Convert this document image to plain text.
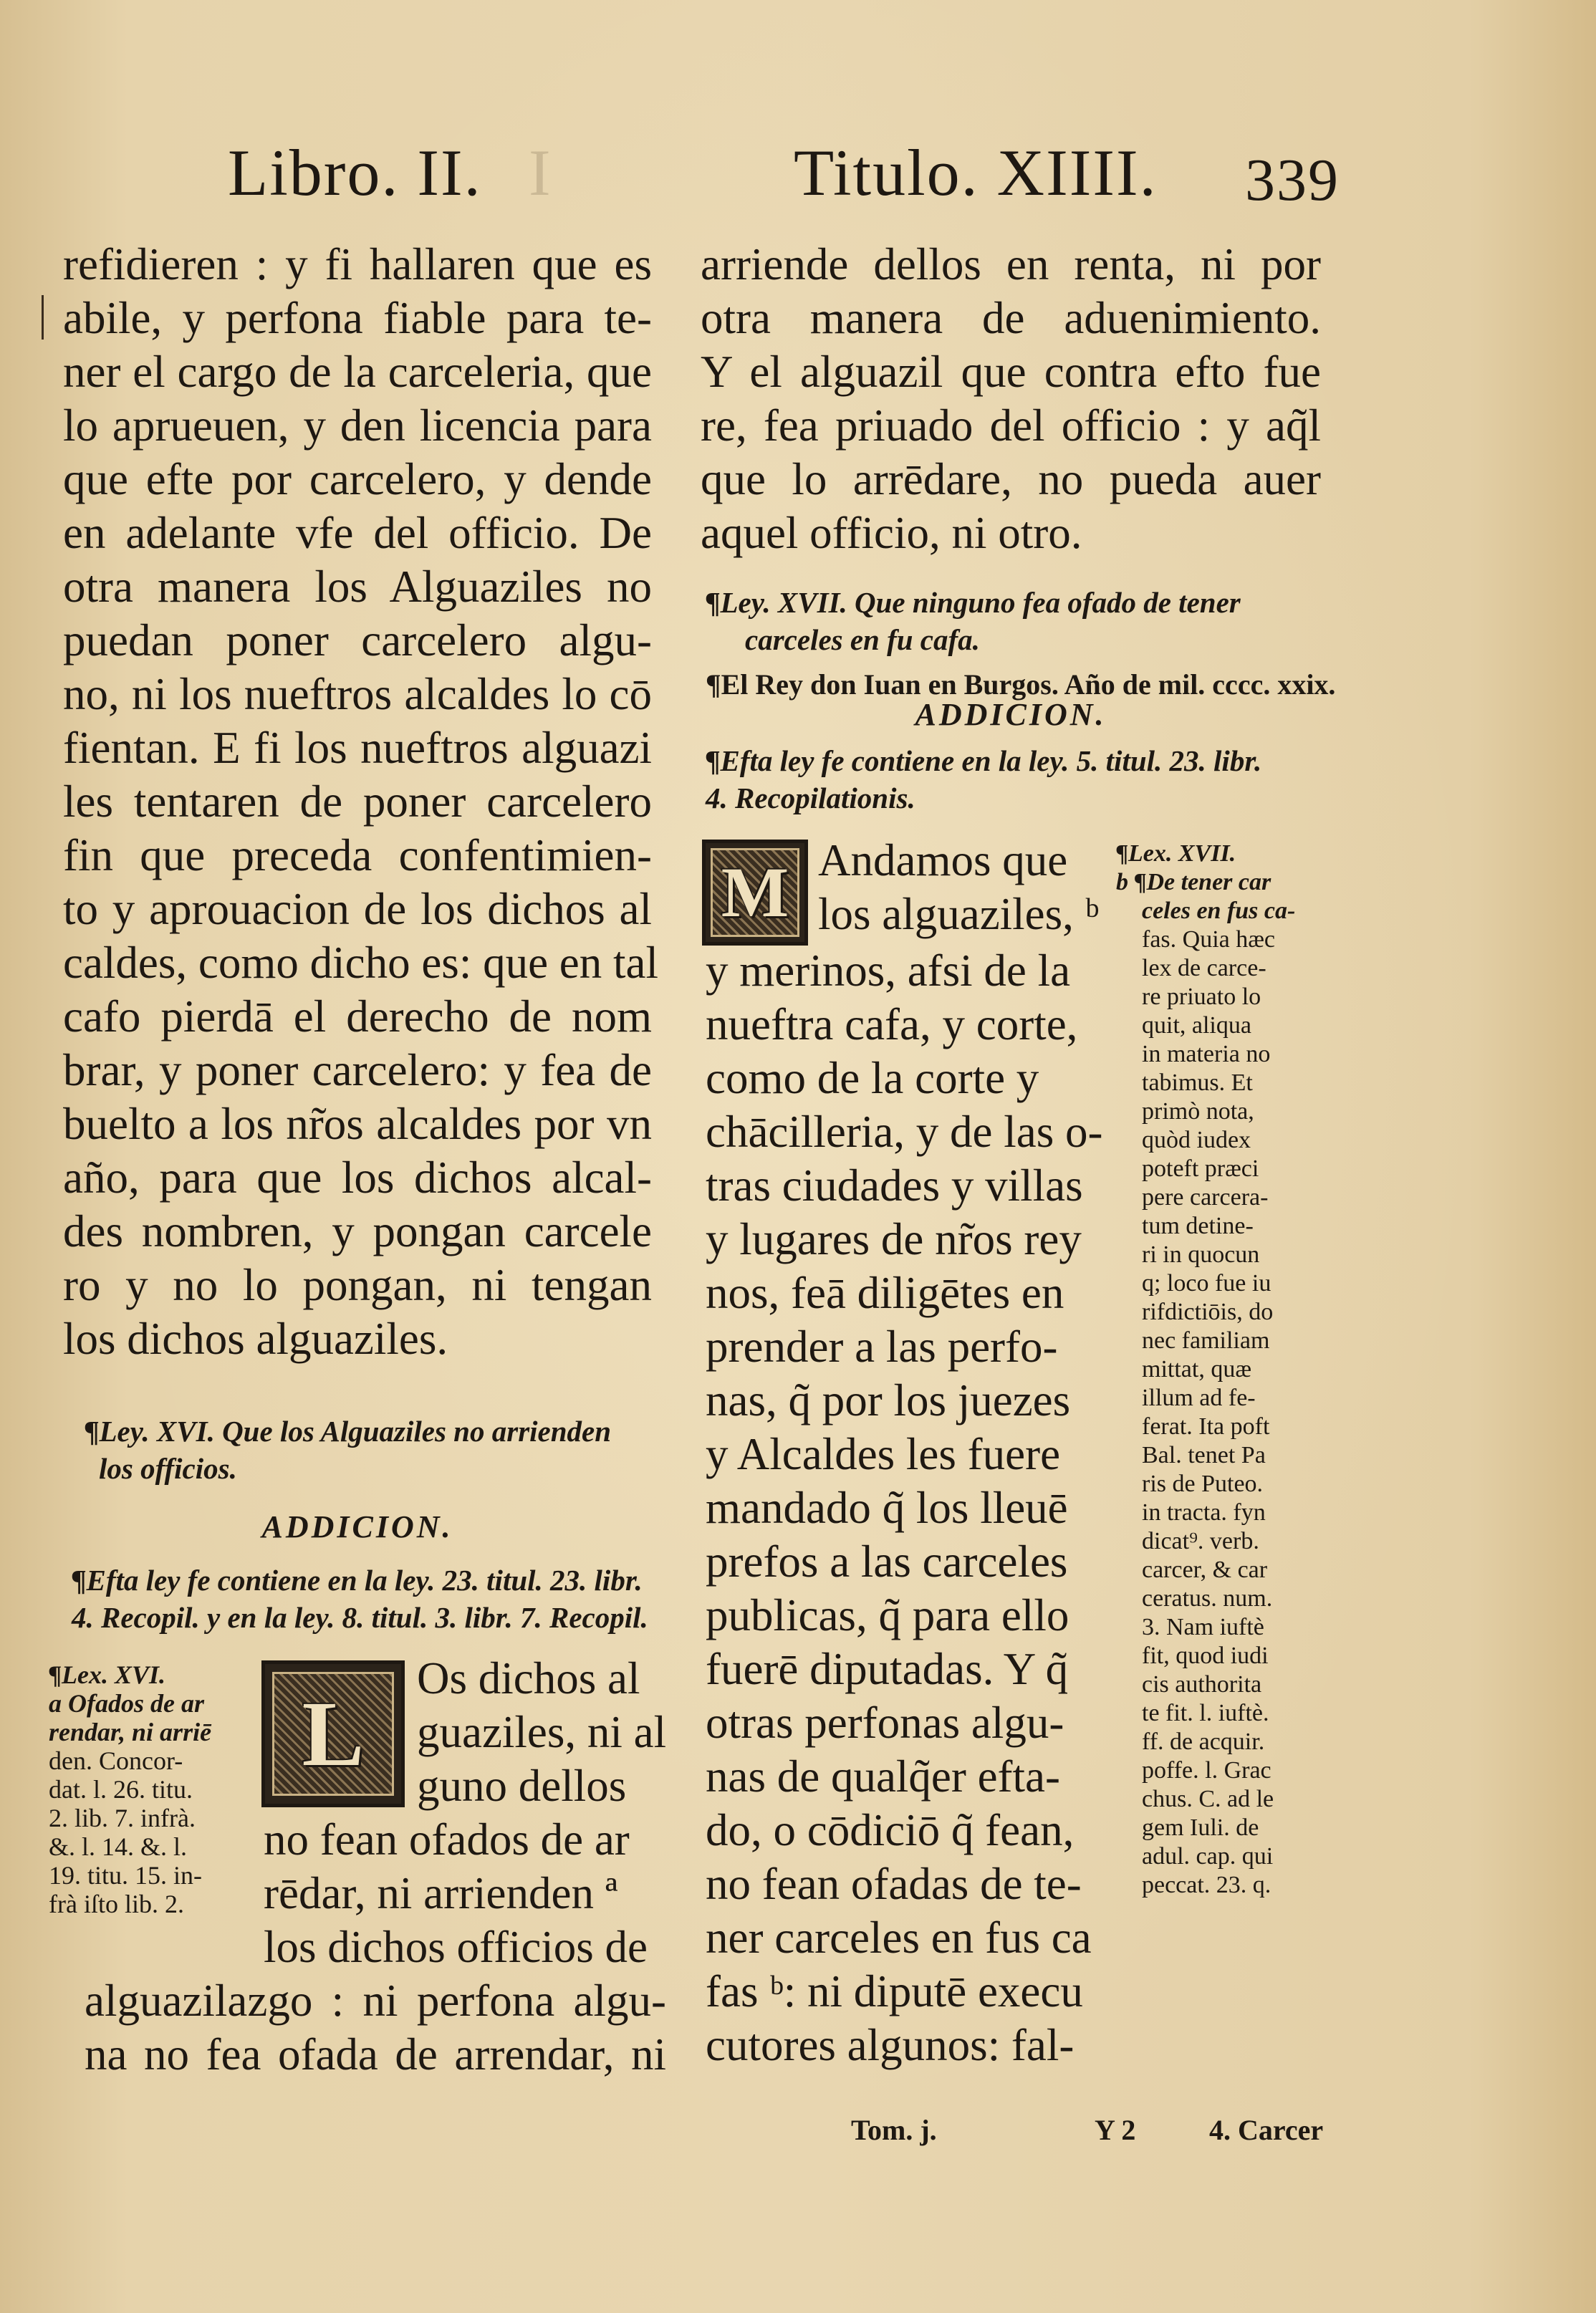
Libro. II. I	Titulo. XIIII. 339
refidieren : y fi hallaren que es
abile, y perfona fiable para te-
ner el cargo de la carceleria, que
lo aprueuen, y den licencia para
que efte por carcelero, y dende
en adelante vfe del officio. De
otra manera los Alguaziles no
puedan poner carcelero algu-
no, ni los nueftros alcaldes lo cō
fientan. E fi los nueftros alguazi
les tentaren de poner carcelero
fin que preceda confentimien-
to y aprouacion de los dichos al
caldes, como dicho es: que en tal
cafo pierdā el derecho de nom
brar, y poner carcelero: y fea de
buelto a los nr̃os alcaldes por vn
año, para que los dichos alcal-
des nombren, y pongan carcele
ro y no lo pongan, ni tengan
los dichos alguaziles.
¶Ley. XVI. Que los Alguaziles no arrienden
los officios.
ADDICION.
¶Efta ley fe contiene en la ley. 23. titul. 23. libr.
4. Recopil. y en la ley. 8. titul. 3. libr. 7. Recopil.
¶Lex. XVI.
a Ofados de ar
rendar, ni arriē
den. Concor-
dat. l. 26. titu.
2. lib. 7. infrà.
&. l. 14. &. l.
19. titu. 15. in-
frà iſto lib. 2.
L
Os dichos al
guaziles, ni al
guno dellos
no fean ofados de ar
rēdar, ni arrienden ª
los dichos officios de
alguazilazgo : ni perfona algu-
na no fea ofada de arrendar, ni
arriende dellos en renta, ni por
otra manera de aduenimiento.
Y el alguazil que contra efto fue
re, fea priuado del officio : y aq̃l
que lo arrēdare, no pueda auer
aquel officio, ni otro.
¶Ley. XVII. Que ninguno fea ofado de tener
carceles en fu cafa.
¶El Rey don Iuan en Burgos. Año de mil. cccc. xxix.
ADDICION.
¶Efta ley fe contiene en la ley. 5. titul. 23. libr.
4. Recopilationis.
M Andamos que
los alguaziles, ᵇ
y merinos, afsi de la
nueftra cafa, y corte,
como de la corte y
chācilleria, y de las o-
tras ciudades y villas
y lugares de nr̃os rey
nos, feā diligētes en
prender a las perfo-
nas, q̃ por los juezes
y Alcaldes les fuere
mandado q̃ los lleuē
prefos a las carceles
publicas, q̃ para ello
fuerē diputadas. Y q̃
otras perfonas algu-
nas de qualq̃er efta-
do, o cōdiciō q̃ fean,
no fean ofadas de te-
ner carceles en fus ca
fas ᵇ: ni diputē execu
cutores algunos: fal-
¶Lex. XVII.
b ¶De tener car
celes en fus ca-
fas. Quia hæc
lex de carce-
re priuato lo
quit, aliqua
in materia no
tabimus. Et
primò nota,
quòd iudex
poteft præci
pere carcera-
tum detine-
ri in quocun
q; loco fue iu
rifdictiōis, do
nec familiam
mittat, quæ
illum ad fe-
ferat. Ita poft
Bal. tenet Pa
ris de Puteo.
in tracta. fyn
dicat⁹. verb.
carcer, & car
ceratus. num.
3. Nam iuftè
fit, quod iudi
cis authorita
te fit. l. iuftè.
ff. de acquir.
poffe. l. Grac
chus. C. ad le
gem Iuli. de
adul. cap. qui
peccat. 23. q.
Tom. j.	Y 2	4. Carcer
